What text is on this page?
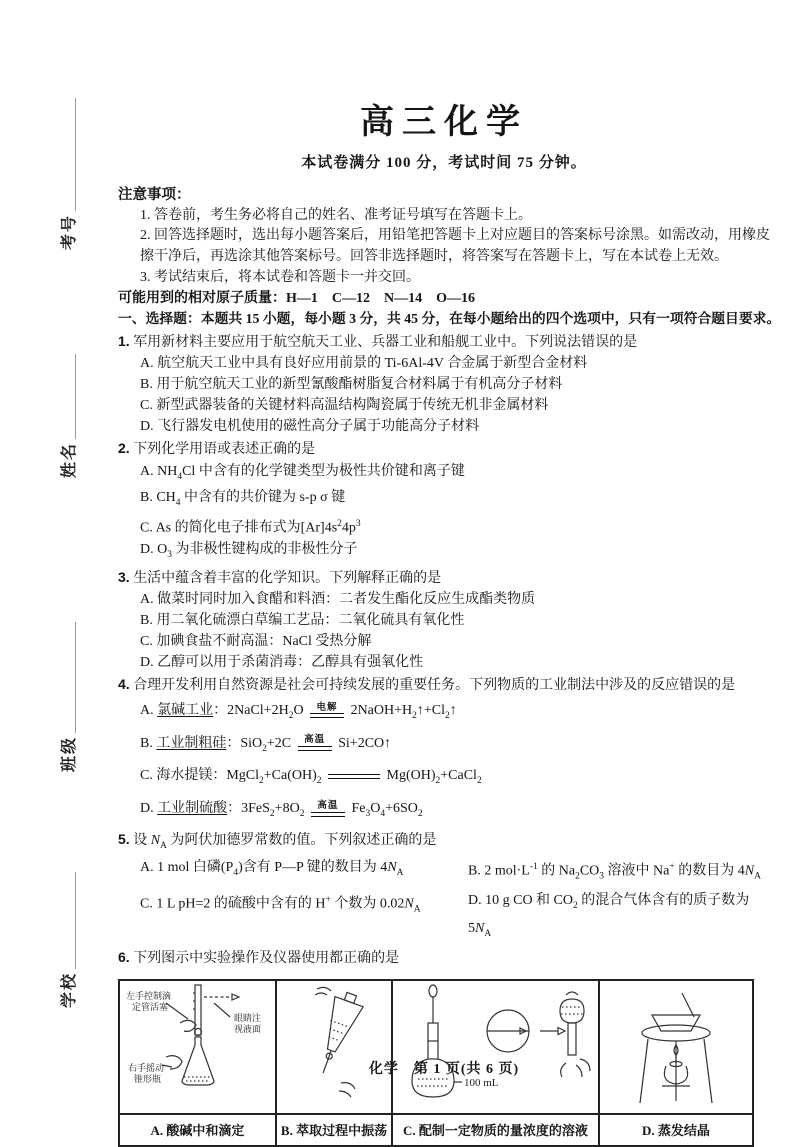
考号
姓名
班级
学校
高三化学
本试卷满分 100 分，考试时间 75 分钟。
注意事项：
1. 答卷前，考生务必将自己的姓名、准考证号填写在答题卡上。
2. 回答选择题时，选出每小题答案后，用铅笔把答题卡上对应题目的答案标号涂黑。如需改动，用橡皮擦干净后，再选涂其他答案标号。回答非选择题时，将答案写在答题卡上，写在本试卷上无效。
3. 考试结束后，将本试卷和答题卡一并交回。
可能用到的相对原子质量：H—1　C—12　N—14　O—16
一、选择题：本题共 15 小题，每小题 3 分，共 45 分，在每小题给出的四个选项中，只有一项符合题目要求。
1. 军用新材料主要应用于航空航天工业、兵器工业和船舰工业中。下列说法错误的是
A. 航空航天工业中具有良好应用前景的 Ti-6Al-4V 合金属于新型合金材料
B. 用于航空航天工业的新型氰酸酯树脂复合材料属于有机高分子材料
C. 新型武器装备的关键材料高温结构陶瓷属于传统无机非金属材料
D. 飞行器发电机使用的磁性高分子属于功能高分子材料
2. 下列化学用语或表述正确的是
A. $NH_4Cl$ 中含有的化学键类型为极性共价键和离子键
B. $CH_4$ 中含有的共价键为 s-p σ 键
C. As 的简化电子排布式为$[Ar]4s^24p^3$
D. $O_3$ 为非极性键构成的非极性分子
3. 生活中蕴含着丰富的化学知识。下列解释正确的是
A. 做菜时同时加入食醋和料酒：二者发生酯化反应生成酯类物质
B. 用二氧化硫漂白草编工艺品：二氧化硫具有氧化性
C. 加碘食盐不耐高温：NaCl 受热分解
D. 乙醇可以用于杀菌消毒：乙醇具有强氧化性
4. 合理开发利用自然资源是社会可持续发展的重要任务。下列物质的工业制法中涉及的反应错误的是
A. 氯碱工业：$2NaCl+2H_2O$ 电解 $2NaOH+H_2↑+Cl_2↑$
B. 工业制粗硅：SiO$_2$+2C 高温 Si+2CO↑
C. 海水提镁：$MgCl_2+Ca(OH)_2$	$Mg(OH)_2+CaCl_2$
D. 工业制硫酸：$3FeS_2+8O_2$
高温 $Fe_3O_4+6SO_2$
5. 设 $N_A$ 为阿伏加德罗常数的值。下列叙述正确的是
A. 1 mol 白磷$(P_4)$含有 P—P 键的数目为 $4N_A$	B. 2 $mol\cdot L^{-1}$ 的 $Na_2CO_3$ 溶液中 Na+ 的数目为 $4N_A$
C. 1 L pH=2 的硫酸中含有的 H+ 个数为 $0.02N_A$
D. 10 g CO 和 $CO_2$ 的混合气体含有的质子数为 $5N_A$
6. 下列图示中实验操作及仪器使用都正确的是
左手控制滴
定管活塞
眼睛注
视液面
右手摇动
锥形瓶		100 mL

A. 酸碱中和滴定	B. 萃取过程中振荡	C. 配制一定物质的量浓度的溶液	D. 蒸发结晶
化学　第 1 页(共 6 页)
